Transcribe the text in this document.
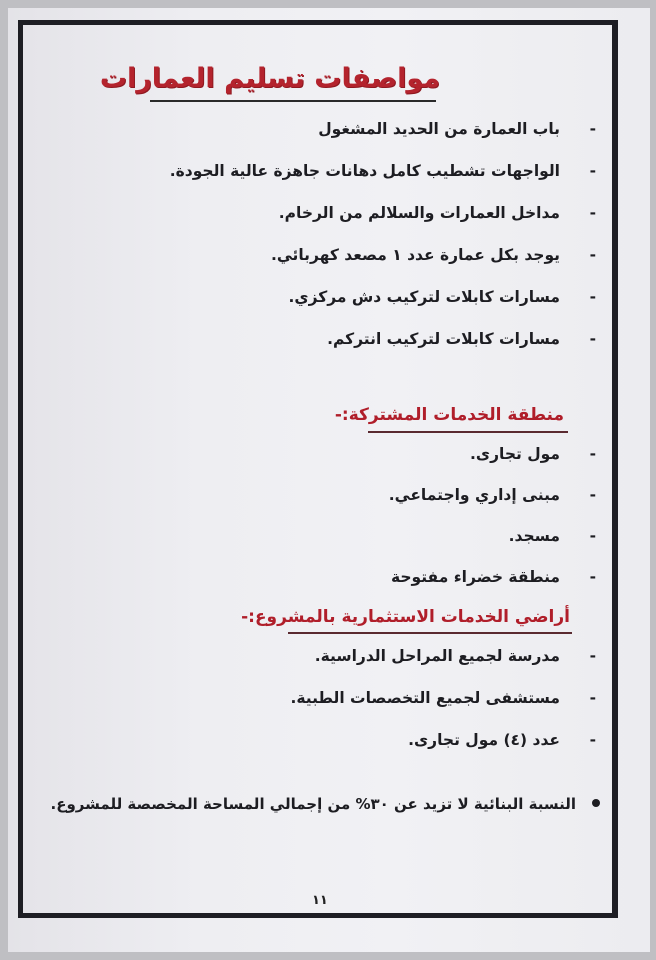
مواصفات تسليم العمارات
-
باب العمارة من الحديد المشغول
-
الواجهات تشطيب كامل دهانات جاهزة عالية الجودة.
-
مداخل العمارات والسلالم من الرخام.
-
يوجد بكل عمارة عدد ١ مصعد كهربائي.
-
مسارات كابلات لتركيب دش مركزي.
-
مسارات كابلات لتركيب انتركم.
منطقة الخدمات المشتركة:-
-
مول تجارى.
-
مبنى إداري واجتماعي.
-
مسجد.
-
منطقة خضراء مفتوحة
أراضي الخدمات الاستثمارية بالمشروع:-
-
مدرسة لجميع المراحل الدراسية.
-
مستشفى لجميع التخصصات الطبية.
-
عدد (٤) مول تجارى.
النسبة البنائية لا تزيد عن ٣٠% من إجمالي المساحة المخصصة للمشروع.
١١
